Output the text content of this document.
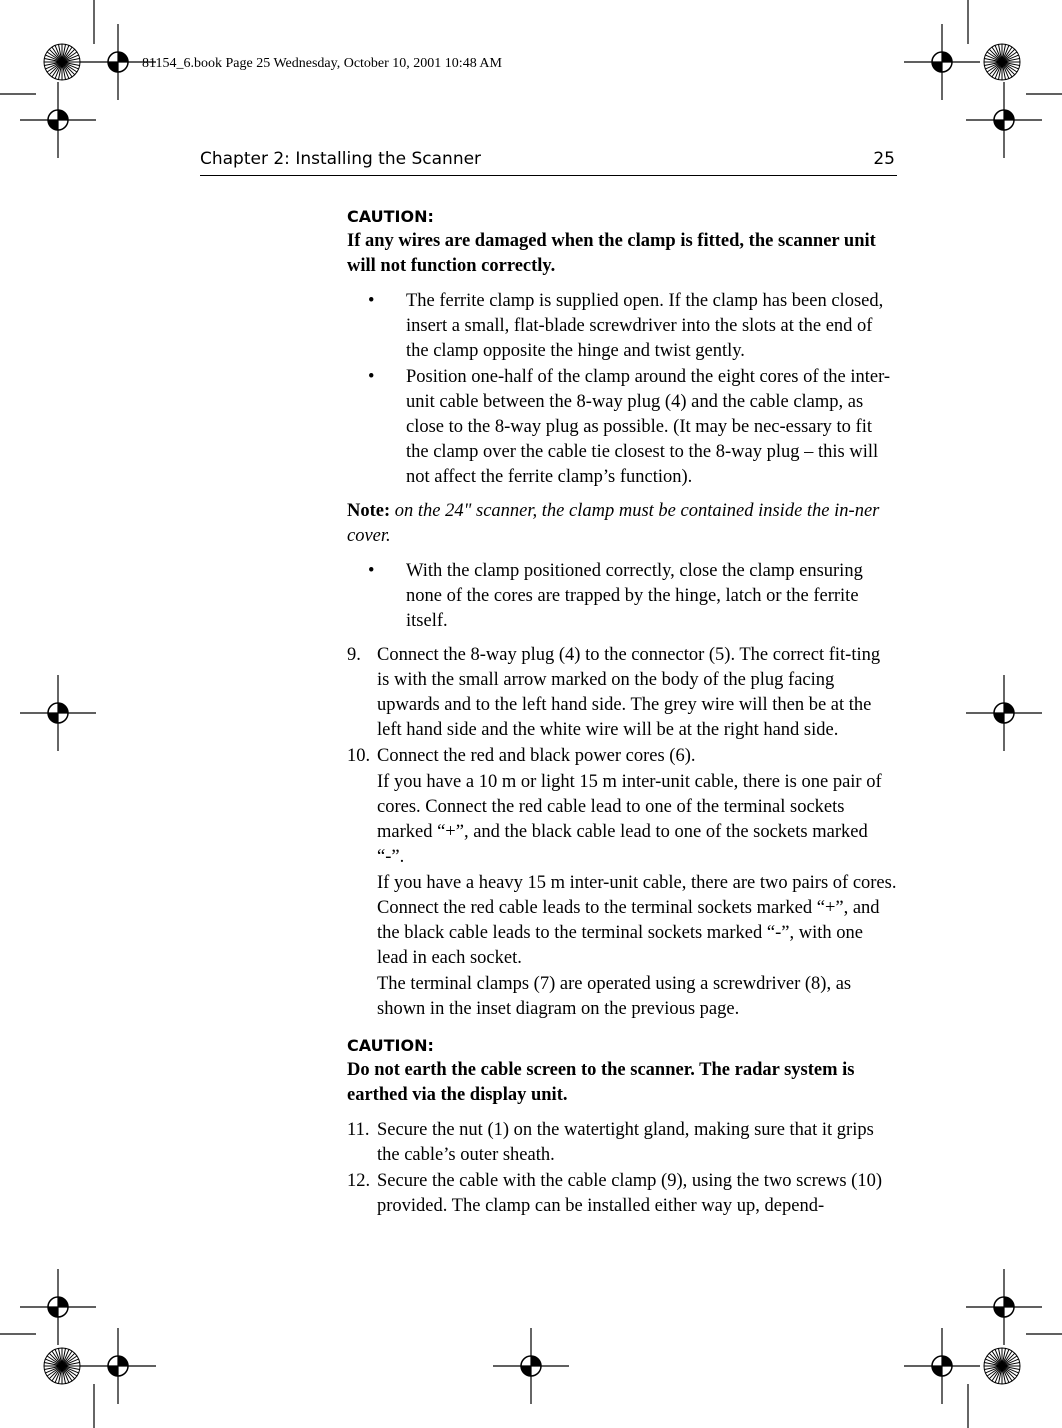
81154_6.book Page 25 Wednesday, October 10, 2001 10:48 AM
Chapter 2: Installing the Scanner	25

CAUTION:

If any wires are damaged when the clamp is fitted, the scanner unit will not function correctly.

• The ferrite clamp is supplied open. If the clamp has been closed, insert a small, flat-blade screwdriver into the slots at the end of the clamp opposite the hinge and twist gently.
• Position one-half of the clamp around the eight cores of the inter-unit cable between the 8-way plug (4) and the cable clamp, as close to the 8-way plug as possible. (It may be nec-essary to fit the clamp over the cable tie closest to the 8-way plug – this will not affect the ferrite clamp’s function).

Note: on the 24" scanner, the clamp must be contained inside the in-ner cover.

• With the clamp positioned correctly, close the clamp ensuring none of the cores are trapped by the hinge, latch or the ferrite itself.
9. Connect the 8-way plug (4) to the connector (5). The correct fit-ting is with the small arrow marked on the body of the plug facing upwards and to the left hand side. The grey wire will then be at the left hand side and the white wire will be at the right hand side.

10. Connect the red and black power cores (6).

If you have a 10 m or light 15 m inter-unit cable, there is one pair of cores. Connect the red cable lead to one of the terminal sockets marked “+”, and the black cable lead to one of the sockets marked “-”.

If you have a heavy 15 m inter-unit cable, there are two pairs of cores. Connect the red cable leads to the terminal sockets marked “+”, and the black cable leads to the terminal sockets marked “-”, with one lead in each socket.

The terminal clamps (7) are operated using a screwdriver (8), as shown in the inset diagram on the previous page.

CAUTION:

Do not earth the cable screen to the scanner. The radar system is earthed via the display unit.

11. Secure the nut (1) on the watertight gland, making sure that it grips the cable’s outer sheath.

12. Secure the cable with the cable clamp (9), using the two screws (10) provided. The clamp can be installed either way up, depend-
